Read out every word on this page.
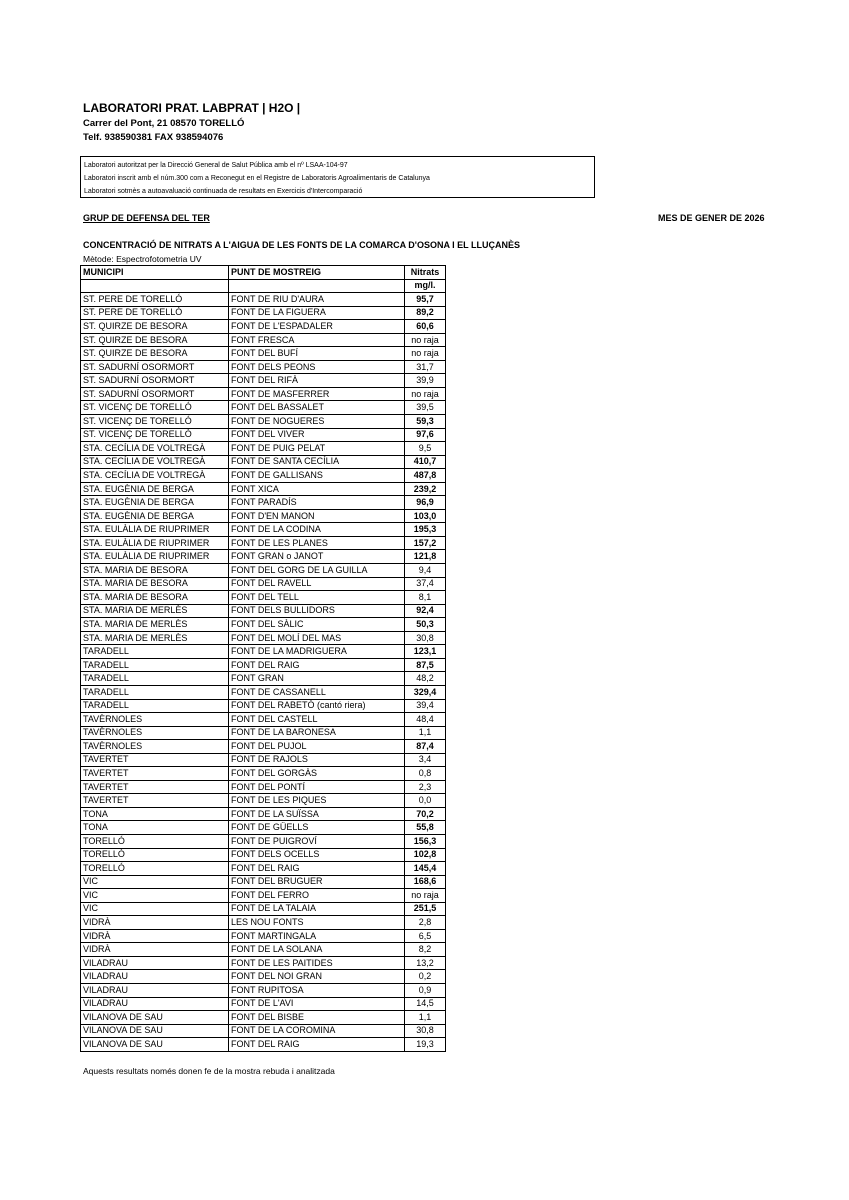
LABORATORI PRAT. LABPRAT | H2O |
Carrer del Pont, 21 08570 TORELLÓ
Telf. 938590381 FAX 938594076
Laboratori autoritzat per la Direcció General de Salut Pública amb el nº LSAA-104-97
Laboratori inscrit amb el núm.300 com a Reconegut en el Registre de Laboratoris Agroalimentaris de Catalunya
Laboratori sotmès a autoavaluació continuada de resultats en Exercicis d'Intercomparació
GRUP DE DEFENSA DEL TER	MES DE GENER DE 2026
CONCENTRACIÓ DE NITRATS A L'AIGUA DE LES FONTS DE LA COMARCA D'OSONA I EL LLUÇANÈS
Mètode: Espectrofotometria UV
MUNICIPI	PUNT DE MOSTREIG	Nitrats
		mg/l.
ST. PERE DE TORELLÓ	FONT DE RIU D'AURA	95,7
ST. PERE DE TORELLÓ	FONT DE LA FIGUERA	89,2
ST. QUIRZE DE BESORA	FONT DE L'ESPADALER	60,6
ST. QUIRZE DE BESORA	FONT FRESCA	no raja
ST. QUIRZE DE BESORA	FONT DEL BUFÍ	no raja
ST. SADURNÍ OSORMORT	FONT DELS PEONS	31,7
ST. SADURNÍ OSORMORT	FONT DEL RIFÀ	39,9
ST. SADURNÍ OSORMORT	FONT DE MASFERRER	no raja
ST. VICENÇ DE TORELLÓ	FONT DEL BASSALET	39,5
ST. VICENÇ DE TORELLÓ	FONT DE NOGUERES	59,3
ST. VICENÇ DE TORELLÓ	FONT DEL VIVER	97,6
STA. CECÍLIA DE VOLTREGÀ	FONT DE PUIG PELAT	9,5
STA. CECÍLIA DE VOLTREGÀ	FONT DE SANTA CECÍLIA	410,7
STA. CECÍLIA DE VOLTREGÀ	FONT DE GALLISANS	487,8
STA. EUGÈNIA DE BERGA	FONT XICA	239,2
STA. EUGÈNIA DE BERGA	FONT PARADÍS	96,9
STA. EUGÈNIA DE BERGA	FONT D'EN MANON	103,0
STA. EULÀLIA DE RIUPRIMER	FONT DE LA CODINA	195,3
STA. EULÀLIA DE RIUPRIMER	FONT DE LES PLANES	157,2
STA. EULÀLIA DE RIUPRIMER	FONT GRAN o JANOT	121,8
STA. MARIA DE BESORA	FONT DEL GORG DE LA GUILLA	9,4
STA. MARIA DE BESORA	FONT DEL RAVELL	37,4
STA. MARIA DE BESORA	FONT DEL TELL	8,1
STA. MARIA DE MERLÈS	FONT DELS BULLIDORS	92,4
STA. MARIA DE MERLÈS	FONT DEL SÀLIC	50,3
STA. MARIA DE MERLÈS	FONT DEL MOLÍ DEL MAS	30,8
TARADELL	FONT DE LA MADRIGUERA	123,1
TARADELL	FONT DEL RAIG	87,5
TARADELL	FONT GRAN	48,2
TARADELL	FONT DE CASSANELL	329,4
TARADELL	FONT DEL RABETÓ (cantó riera)	39,4
TAVÈRNOLES	FONT DEL CASTELL	48,4
TAVÈRNOLES	FONT DE LA BARONESA	1,1
TAVÈRNOLES	FONT DEL PUJOL	87,4
TAVERTET	FONT DE RAJOLS	3,4
TAVERTET	FONT DEL GORGÀS	0,8
TAVERTET	FONT DEL PONTÍ	2,3
TAVERTET	FONT DE LES PIQUES	0,0
TONA	FONT DE LA SUÏSSA	70,2
TONA	FONT DE GÜELLS	55,8
TORELLÓ	FONT DE PUIGROVÍ	156,3
TORELLÓ	FONT DELS OCELLS	102,8
TORELLÓ	FONT DEL RAIG	145,4
VIC	FONT DEL BRUGUER	168,6
VIC	FONT DEL FERRO	no raja
VIC	FONT DE LA TALAIA	251,5
VIDRÀ	LES NOU FONTS	2,8
VIDRÀ	FONT MARTINGALA	6,5
VIDRÀ	FONT DE LA SOLANA	8,2
VILADRAU	FONT DE LES PAITIDES	13,2
VILADRAU	FONT DEL NOI GRAN	0,2
VILADRAU	FONT RUPITOSA	0,9
VILADRAU	FONT DE L'AVI	14,5
VILANOVA DE SAU	FONT DEL BISBE	1,1
VILANOVA DE SAU	FONT DE LA COROMINA	30,8
VILANOVA DE SAU	FONT DEL RAIG	19,3
Aquests resultats només donen fe de la mostra rebuda i analitzada
